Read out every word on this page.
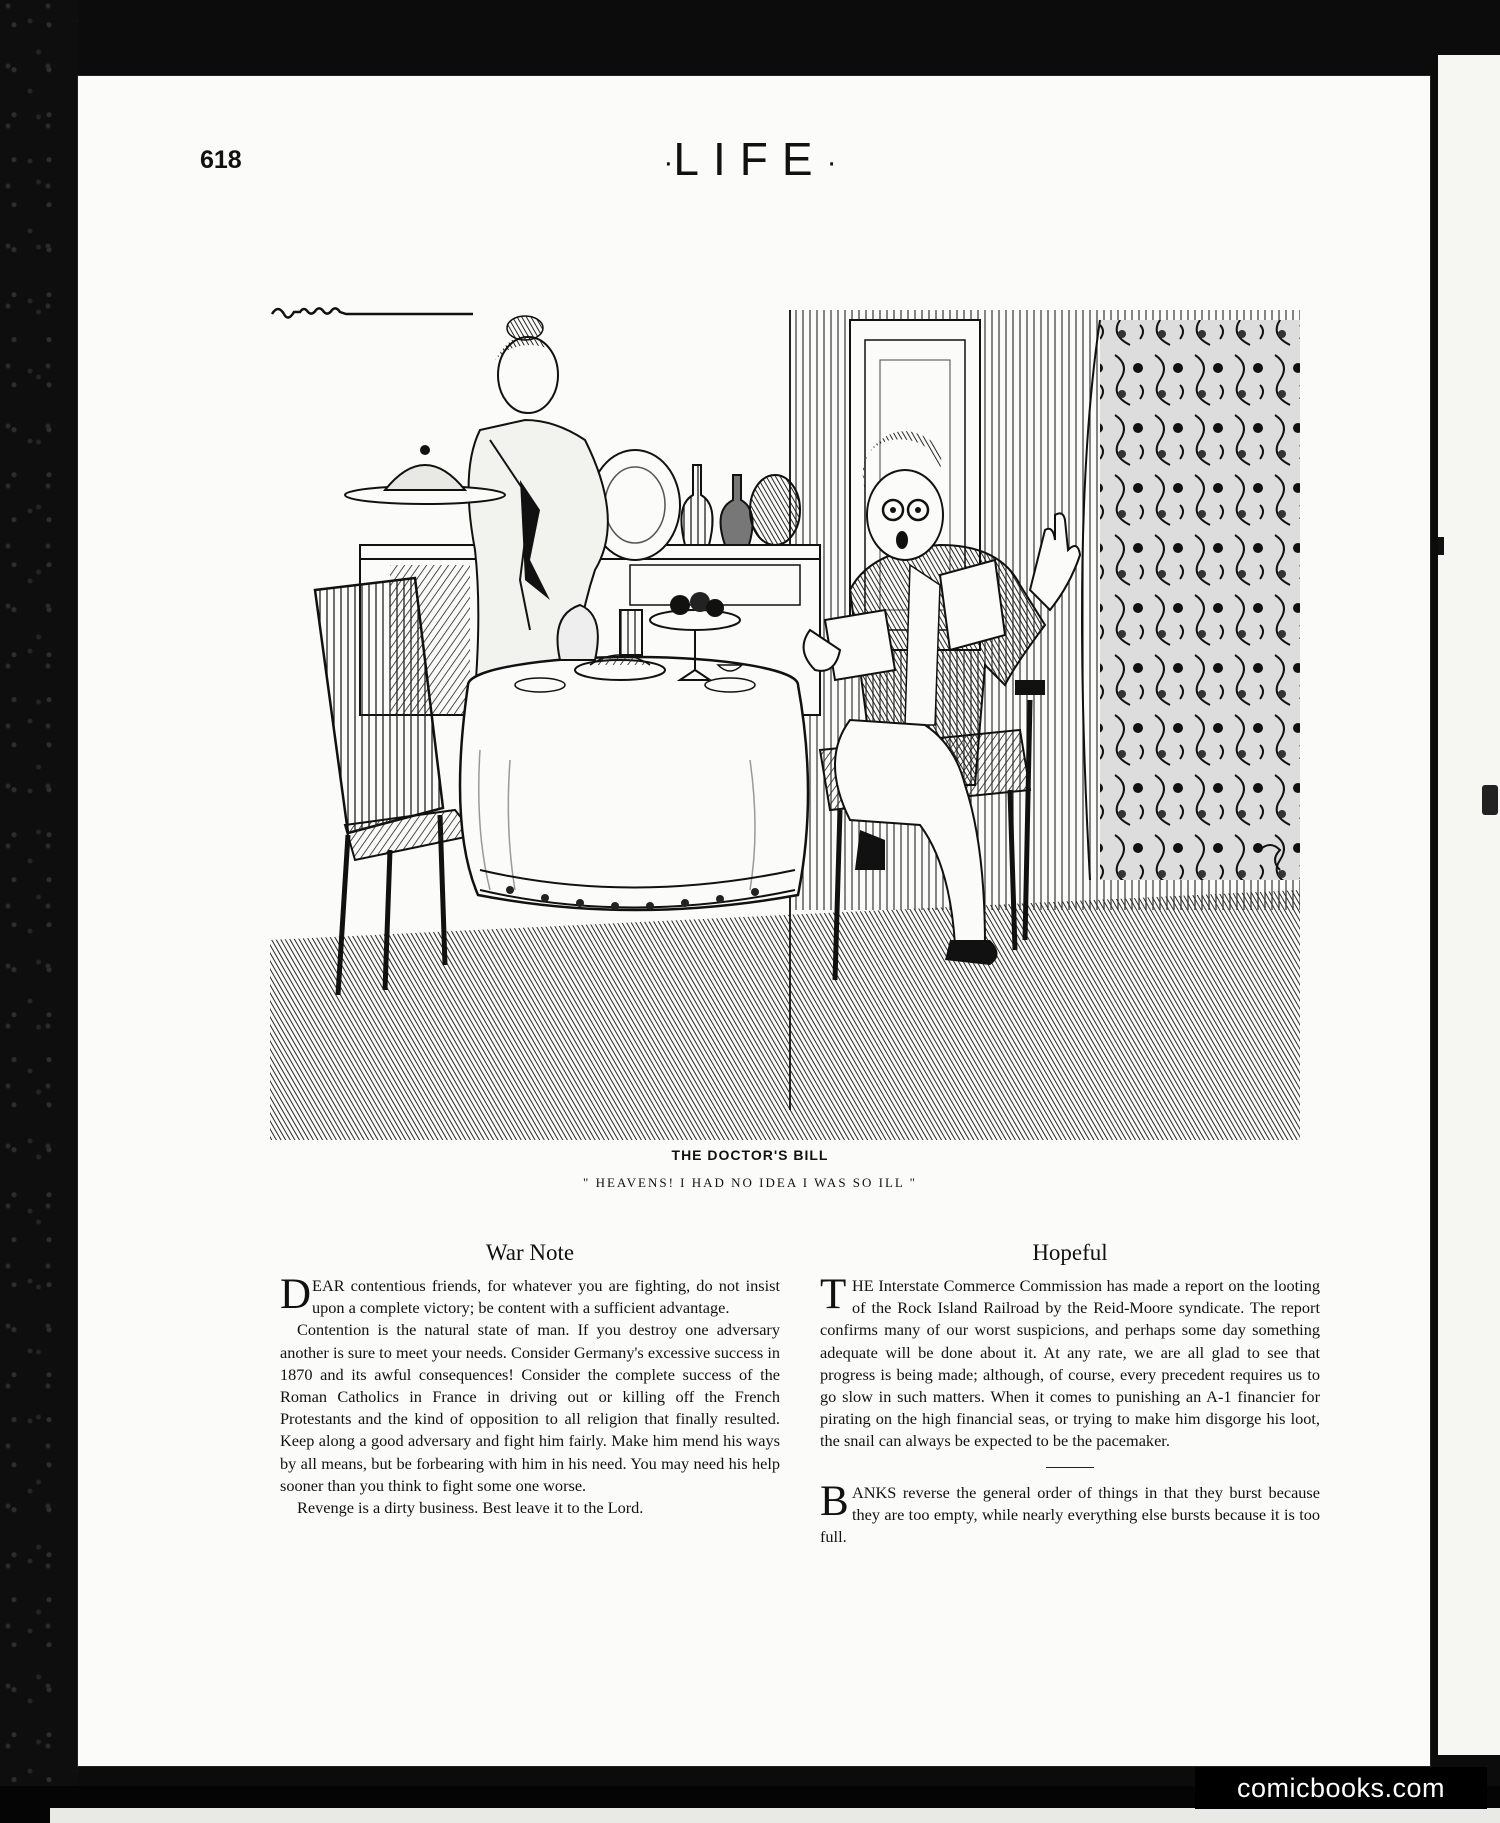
618	·LIFE·
THE DOCTOR'S BILL
" HEAVENS! I HAD NO IDEA I WAS SO ILL "
War Note

DEAR contentious friends, for whatever you are fighting, do not insist upon a complete victory; be content with a sufficient advantage.

Contention is the natural state of man. If you destroy one adversary another is sure to meet your needs. Consider Germany's excessive success in 1870 and its awful consequences! Consider the complete success of the Roman Catholics in France in driving out or killing off the French Protestants and the kind of opposition to all religion that finally resulted. Keep along a good adversary and fight him fairly. Make him mend his ways by all means, but be forbearing with him in his need. You may need his help sooner than you think to fight some one worse.

Revenge is a dirty business. Best leave it to the Lord.

Hopeful

THE Interstate Commerce Commission has made a report on the looting of the Rock Island Railroad by the Reid-Moore syndicate. The report confirms many of our worst suspicions, and perhaps some day something adequate will be done about it. At any rate, we are all glad to see that progress is being made; although, of course, every precedent requires us to go slow in such matters. When it comes to punishing an A-1 financier for pirating on the high financial seas, or trying to make him disgorge his loot, the snail can always be expected to be the pacemaker.

BANKS reverse the general order of things in that they burst because they are too empty, while nearly everything else bursts because it is too full.

comicbooks.com
